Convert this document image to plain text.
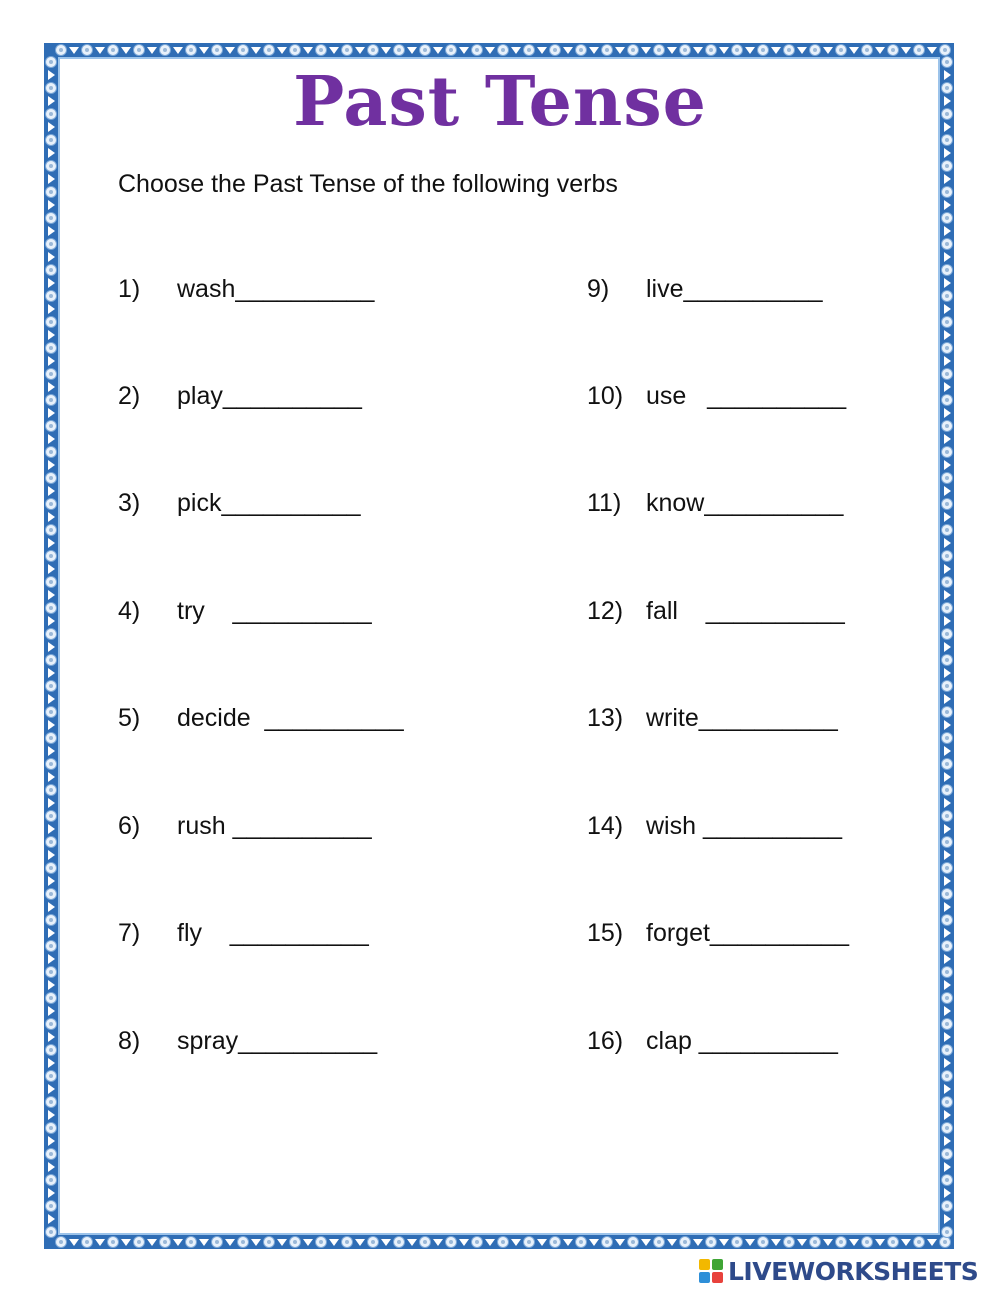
Past Tense
Choose the Past Tense of the following verbs

1)

wash__________

2)

play__________

3)

pick__________

4)

try    __________

5)

decide  __________

6)

rush __________

7)

fly    __________

8)

spray__________

9)

live__________

10)

use   __________

11)

know__________

12)

fall    __________

13)

write__________

14)

wish __________

15)

forget__________

16)

clap __________

LIVEWORKSHEETS
